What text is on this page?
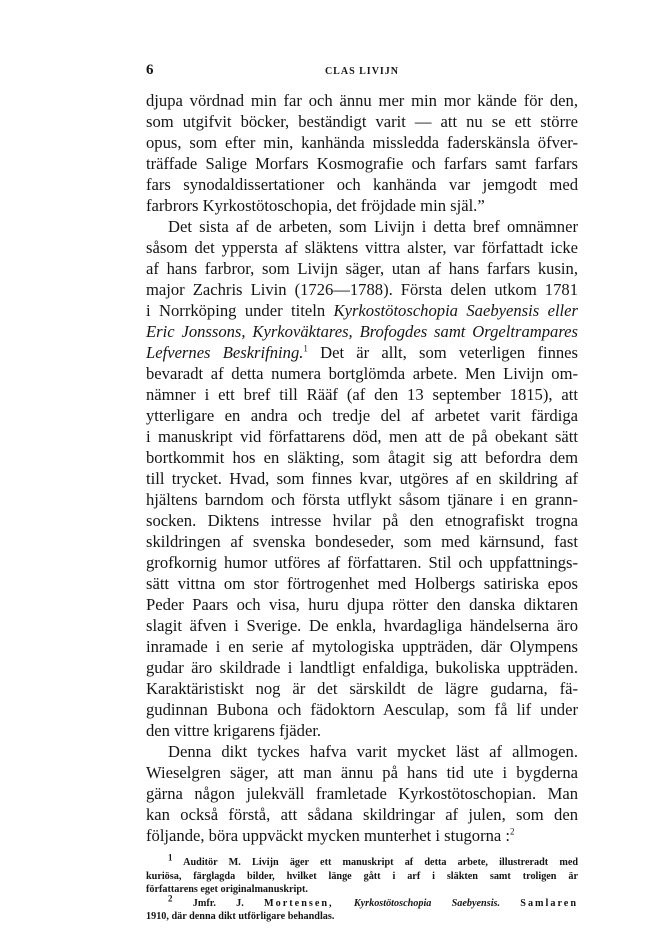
6	CLAS LIVIJN
djupa vördnad min far och ännu mer min mor kände för den,
som utgifvit böcker, beständigt varit — att nu se ett större
opus, som efter min, kanhända missledda faderskänsla öfver-
träffade Salige Morfars Kosmografie och farfars samt farfars
fars synodaldissertationer och kanhända var jemgodt med
farbrors Kyrkostötoschopia, det fröjdade min själ.”
Det sista af de arbeten, som Livijn i detta bref omnämner
såsom det yppersta af släktens vittra alster, var författadt icke
af hans farbror, som Livijn säger, utan af hans farfars kusin,
major Zachris Livin (1726—1788). Första delen utkom 1781
i Norrköping under titeln Kyrkostötoschopia Saebyensis eller
Eric Jonssons, Kyrkoväktares, Brofogdes samt Orgeltrampares
Lefvernes Beskrifning.$^1$ Det är allt, som veterligen finnes
bevaradt af detta numera bortglömda arbete. Men Livijn om-
nämner i ett bref till Rääf (af den 13 september 1815), att
ytterligare en andra och tredje del af arbetet varit färdiga
i manuskript vid författarens död, men att de på obekant sätt
bortkommit hos en släkting, som åtagit sig att befordra dem
till trycket. Hvad, som finnes kvar, utgöres af en skildring af
hjältens barndom och första utflykt såsom tjänare i en grann-
socken. Diktens intresse hvilar på den etnografiskt trogna
skildringen af svenska bondeseder, som med kärnsund, fast
grofkornig humor utföres af författaren. Stil och uppfattnings-
sätt vittna om stor förtrogenhet med Holbergs satiriska epos
Peder Paars och visa, huru djupa rötter den danska diktaren
slagit äfven i Sverige. De enkla, hvardagliga händelserna äro
inramade i en serie af mytologiska uppträden, där Olympens
gudar äro skildrade i landtligt enfaldiga, bukoliska uppträden.
Karaktäristiskt nog är det särskildt de lägre gudarna, fä-
gudinnan Bubona och fädoktorn Aesculap, som få lif under
den vittre krigarens fjäder.
Denna dikt tyckes hafva varit mycket läst af allmogen.
Wieselgren säger, att man ännu på hans tid ute i bygderna
gärna någon julekväll framletade Kyrkostötoschopian. Man
kan också förstå, att sådana skildringar af julen, som den
följande, böra uppväckt mycken munterhet i stugorna :$^2$
$^1$ Auditör M. Livijn äger ett manuskript af detta arbete, illustreradt med
kuriösa, färglagda bilder, hvilket länge gått i arf i släkten samt troligen är
författarens eget originalmanuskript.
$^2$ Jmfr. J. Mortensen, Kyrkostötoschopia Saebyensis. Samlaren
1910, där denna dikt utförligare behandlas.
